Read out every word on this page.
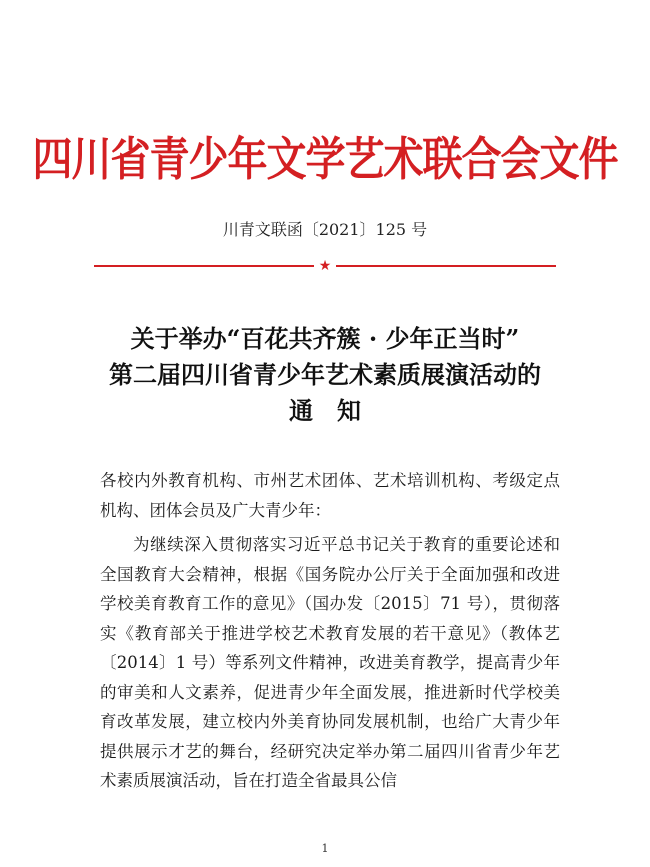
四川省青少年文学艺术联合会文件
川青文联函〔2021〕125 号
★
关于举办“百花共齐簇 · 少年正当时”
第二届四川省青少年艺术素质展演活动的
通知

各校内外教育机构、市州艺术团体、艺术培训机构、考级定点机构、团体会员及广大青少年：

为继续深入贯彻落实习近平总书记关于教育的重要论述和全国教育大会精神，根据《国务院办公厅关于全面加强和改进学校美育教育工作的意见》（国办发〔2015〕71 号），贯彻落实《教育部关于推进学校艺术教育发展的若干意见》（教体艺〔2014〕1 号）等系列文件精神，改进美育教学，提高青少年的审美和人文素养，促进青少年全面发展，推进新时代学校美育改革发展，建立校内外美育协同发展机制，也给广大青少年提供展示才艺的舞台，经研究决定举办第二届四川省青少年艺术素质展演活动，旨在打造全省最具公信

1
